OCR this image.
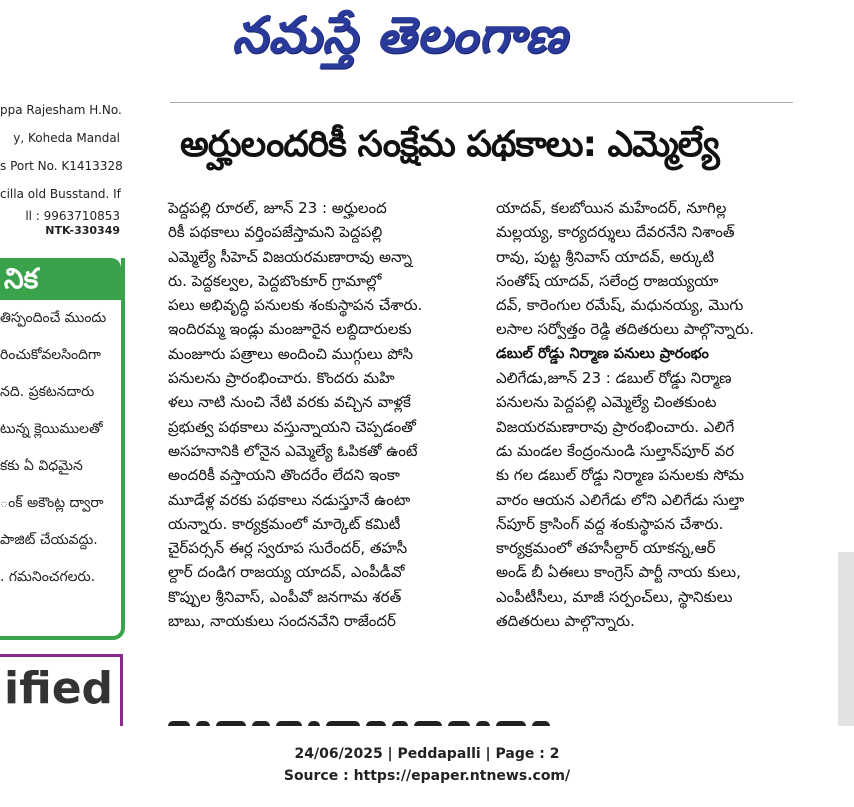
నమస్తే తెలంగాణ
ppa Rajesham H.No.
y, Koheda Mandal
s Port No. K1413328
cilla old Busstand. If
ll : 9963710853
NTK-330349
నిక
తిస్పందించే ముందు
రించుకోవలసిందిగా
నది. ప్రకటనదారు
టున్న క్లెయిములతో
కకు ఏ విధమైన
ంక్ అకౌంట్ల ద్వారా
పాజిట్ చేయవద్దు.
. గమనించగలరు.
ifed
అర్హులందరికీ సంక్షేమ పథకాలు: ఎమ్మెల్యే
పెద్దపల్లి రూరల్, జూన్ 23 : అర్హులంద
రికీ పథకాలు వర్తింపజేస్తామని పెద్దపల్లి
ఎమ్మెల్యే సీహెచ్ విజయరమణారావు అన్నా
రు. పెద్దకల్వల, పెద్దబొంకూర్ గ్రామాల్లో
పలు అభివృద్ధి పనులకు శంకుస్థాపన చేశారు.
ఇందిరమ్మ ఇండ్లు మంజూరైన లబ్దిదారులకు
మంజూరు పత్రాలు అందించి ముగ్గులు పోసి
పనులను ప్రారంభించారు. కొందరు మహి
ళలు నాటి నుంచి నేటి వరకు వచ్చిన వాళ్లకే
ప్రభుత్వ పథకాలు వస్తున్నాయని చెప్పడంతో
అసహనానికి లోనైన ఎమ్మెల్యే ఓపికతో ఉంటే
అందరికీ వస్తాయని తొందరేం లేదని ఇంకా
మూడేళ్ల వరకు పథకాలు నడుస్తూనే ఉంటా
యన్నారు. కార్యక్రమంలో మార్కెట్ కమిటీ
చైర్‌పర్సన్ ఈర్ల స్వరూప సురేందర్, తహసీ
ల్దార్ దండిగ రాజయ్య యాదవ్, ఎంపీడీవో
కొప్పుల శ్రీనివాస్, ఎంపీవో జనగామ శరత్
బాబు, నాయకులు సందనవేని రాజేందర్
యాదవ్, కలబోయిన మహేందర్, నూగిల్ల
మల్లయ్య, కార్యదర్శులు దేవరనేని నిశాంత్
రావు, పుట్ట శ్రీనివాస్ యాదవ్, అర్కుటి
సంతోష్ యాదవ్, సలేంద్ర రాజయ్యయా
దవ్, కారెంగుల రమేష్, మధునయ్య, మొగు
లసాల సర్వోత్తం రెడ్డి తదితరులు పాల్గొన్నారు.
డబుల్ రోడ్డు నిర్మాణ పనులు ప్రారంభం
ఎలిగేడు,జూన్ 23 : డబుల్ రోడ్డు నిర్మాణ
పనులను పెద్దపల్లి ఎమ్మెల్యే చింతకుంట
విజయరమణారావు ప్రారంభించారు. ఎలిగే
డు మండల కేంద్రంనుండి సుల్తాన్‌పూర్ వర
కు గల డబుల్ రోడ్డు నిర్మాణ పనులకు సోమ
వారం ఆయన ఎలిగేడు లోని ఎలిగేడు సుల్తా
న్‌పూర్ క్రాసింగ్ వద్ద శంకుస్థాపన చేశారు.
కార్యక్రమంలో తహసీల్దార్ యాకన్న,ఆర్
అండ్ బీ ఏఈలు కాంగ్రెస్ పార్టీ నాయ కులు,
ఎంపీటీసీలు, మాజీ సర్పంచ్‌లు, స్థానికులు
తదితరులు పాల్గొన్నారు.
24/06/2025 | Peddapalli | Page : 2
Source : https://epaper.ntnews.com/
